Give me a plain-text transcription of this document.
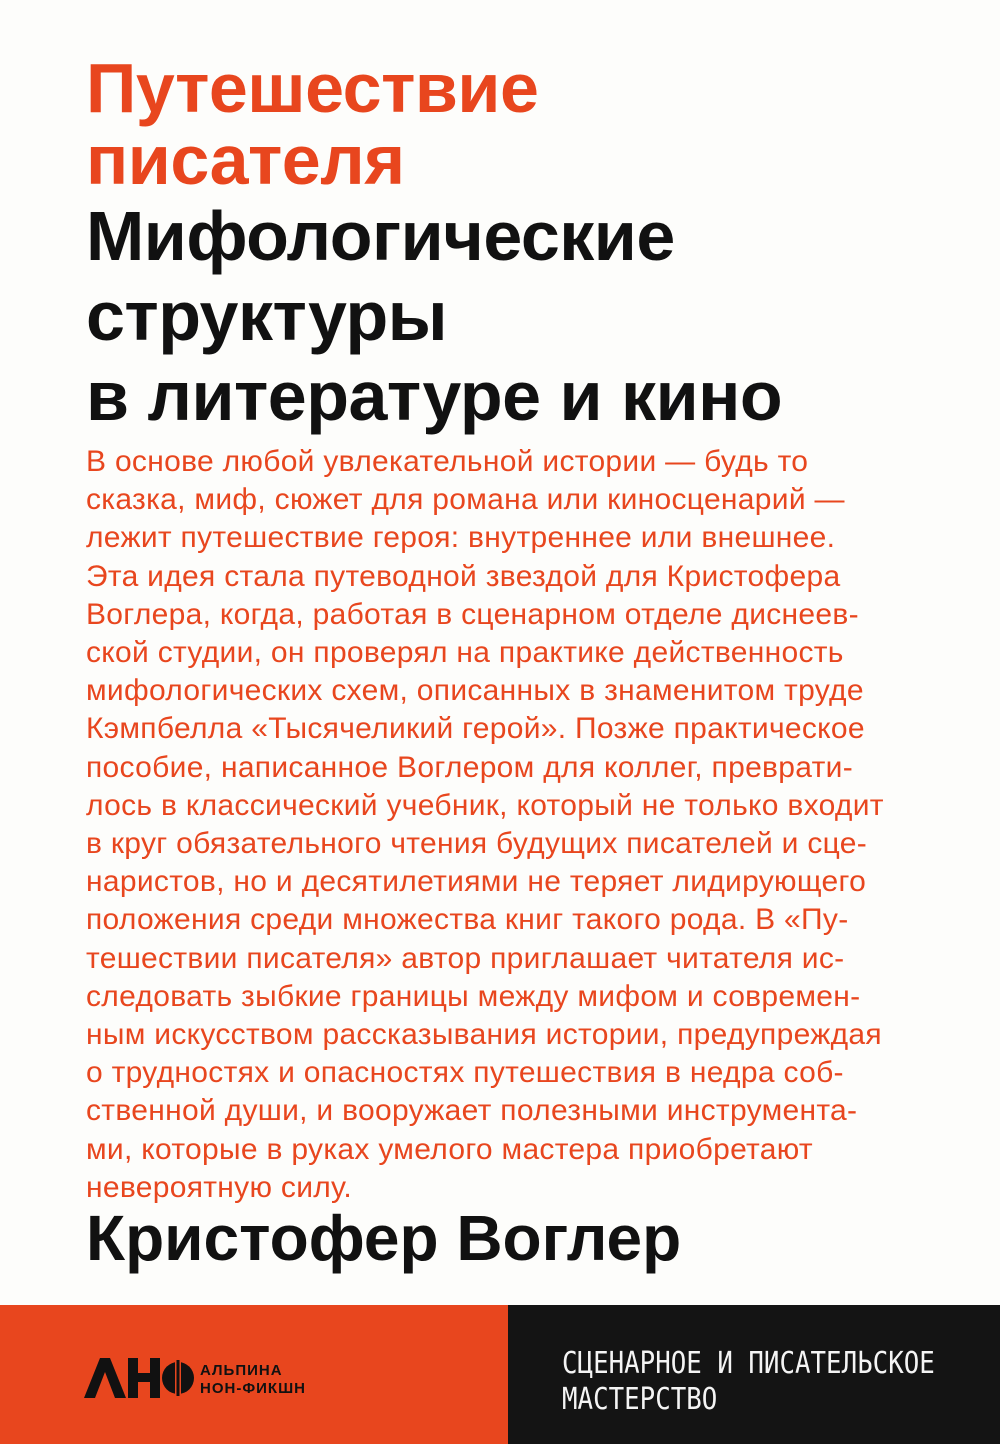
Путешествие
писателя
Мифологические
структуры
в литературе и кино

В основе любой увлекательной истории — будь то
сказка, миф, сюжет для романа или киносценарий —
лежит путешествие героя: внутреннее или внешнее.
Эта идея стала путеводной звездой для Кристофера
Воглера, когда, работая в сценарном отделе диснеев-
ской студии, он проверял на практике действенность
мифологических схем, описанных в знаменитом труде
Кэмпбелла «Тысячеликий герой». Позже практическое
пособие, написанное Воглером для коллег, преврати-
лось в классический учебник, который не только входит
в круг обязательного чтения будущих писателей и сце-
наристов, но и десятилетиями не теряет лидирующего
положения среди множества книг такого рода. В «Пу-
тешествии писателя» автор приглашает читателя ис-
следовать зыбкие границы между мифом и современ-
ным искусством рассказывания истории, предупреждая
о трудностях и опасностях путешествия в недра соб-
ственной души, и вооружает полезными инструмента-
ми, которые в руках умелого мастера приобретают
невероятную силу.

Кристофер Воглер
АЛЬПИНА
НОН-ФИКШН
СЦЕНАРНОЕ И ПИСАТЕЛЬСКОЕ
МАСТЕРСТВО
